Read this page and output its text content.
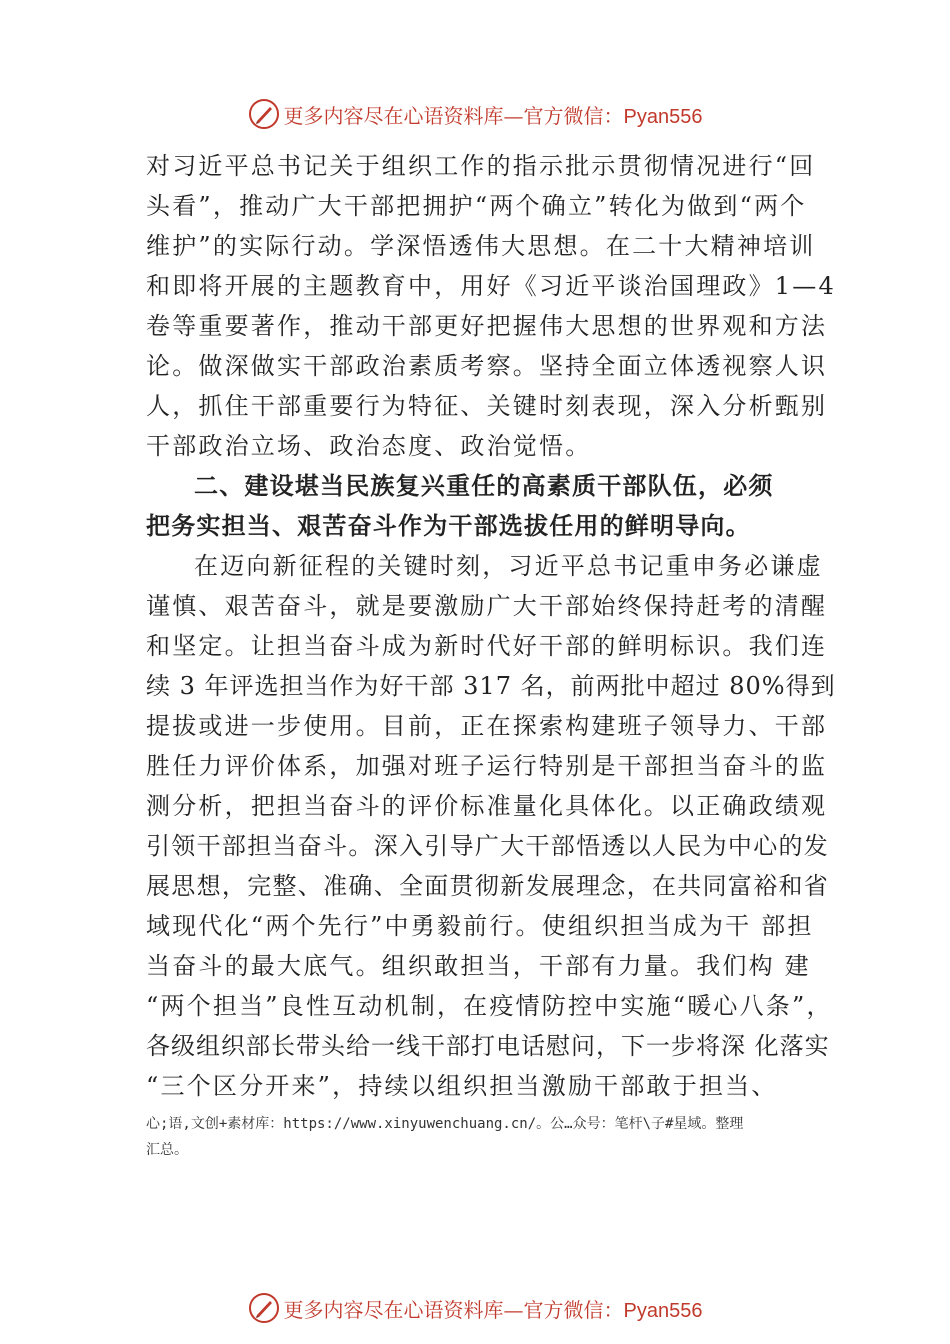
更多内容尽在心语资料库—官方微信：Pyan556
对习近平总书记关于组织工作的指示批示贯彻情况进行“回
头看”，推动广大干部把拥护“两个确立”转化为做到“两个
维护”的实际行动。学深悟透伟大思想。在二十大精神培训
和即将开展的主题教育中，用好《习近平谈治国理政》1—4
卷等重要著作，推动干部更好把握伟大思想的世界观和方法
论。做深做实干部政治素质考察。坚持全面立体透视察人识
人，抓住干部重要行为特征、关键时刻表现，深入分析甄别
干部政治立场、政治态度、政治觉悟。
二、建设堪当民族复兴重任的高素质干部队伍，必须
把务实担当、艰苦奋斗作为干部选拔任用的鲜明导向。
在迈向新征程的关键时刻，习近平总书记重申务必谦虚
谨慎、艰苦奋斗，就是要激励广大干部始终保持赶考的清醒
和坚定。让担当奋斗成为新时代好干部的鲜明标识。我们连
续 3 年评选担当作为好干部 317 名，前两批中超过 80%得到
提拔或进一步使用。目前，正在探索构建班子领导力、干部
胜任力评价体系，加强对班子运行特别是干部担当奋斗的监
测分析，把担当奋斗的评价标准量化具体化。以正确政绩观
引领干部担当奋斗。深入引导广大干部悟透以人民为中心的发
展思想，完整、准确、全面贯彻新发展理念，在共同富裕和省
域现代化“两个先行”中勇毅前行。使组织担当成为干 部担
当奋斗的最大底气。组织敢担当，干部有力量。我们构 建
“两个担当”良性互动机制，在疫情防控中实施“暖心八条”，
各级组织部长带头给一线干部打电话慰问，下一步将深 化落实
“三个区分开来”，持续以组织担当激励干部敢于担当、
心;语,文创+素材库：https://www.xinyuwenchuang.cn/。公…众号：笔杆\子#星域。整理
汇总。
更多内容尽在心语资料库—官方微信：Pyan556
